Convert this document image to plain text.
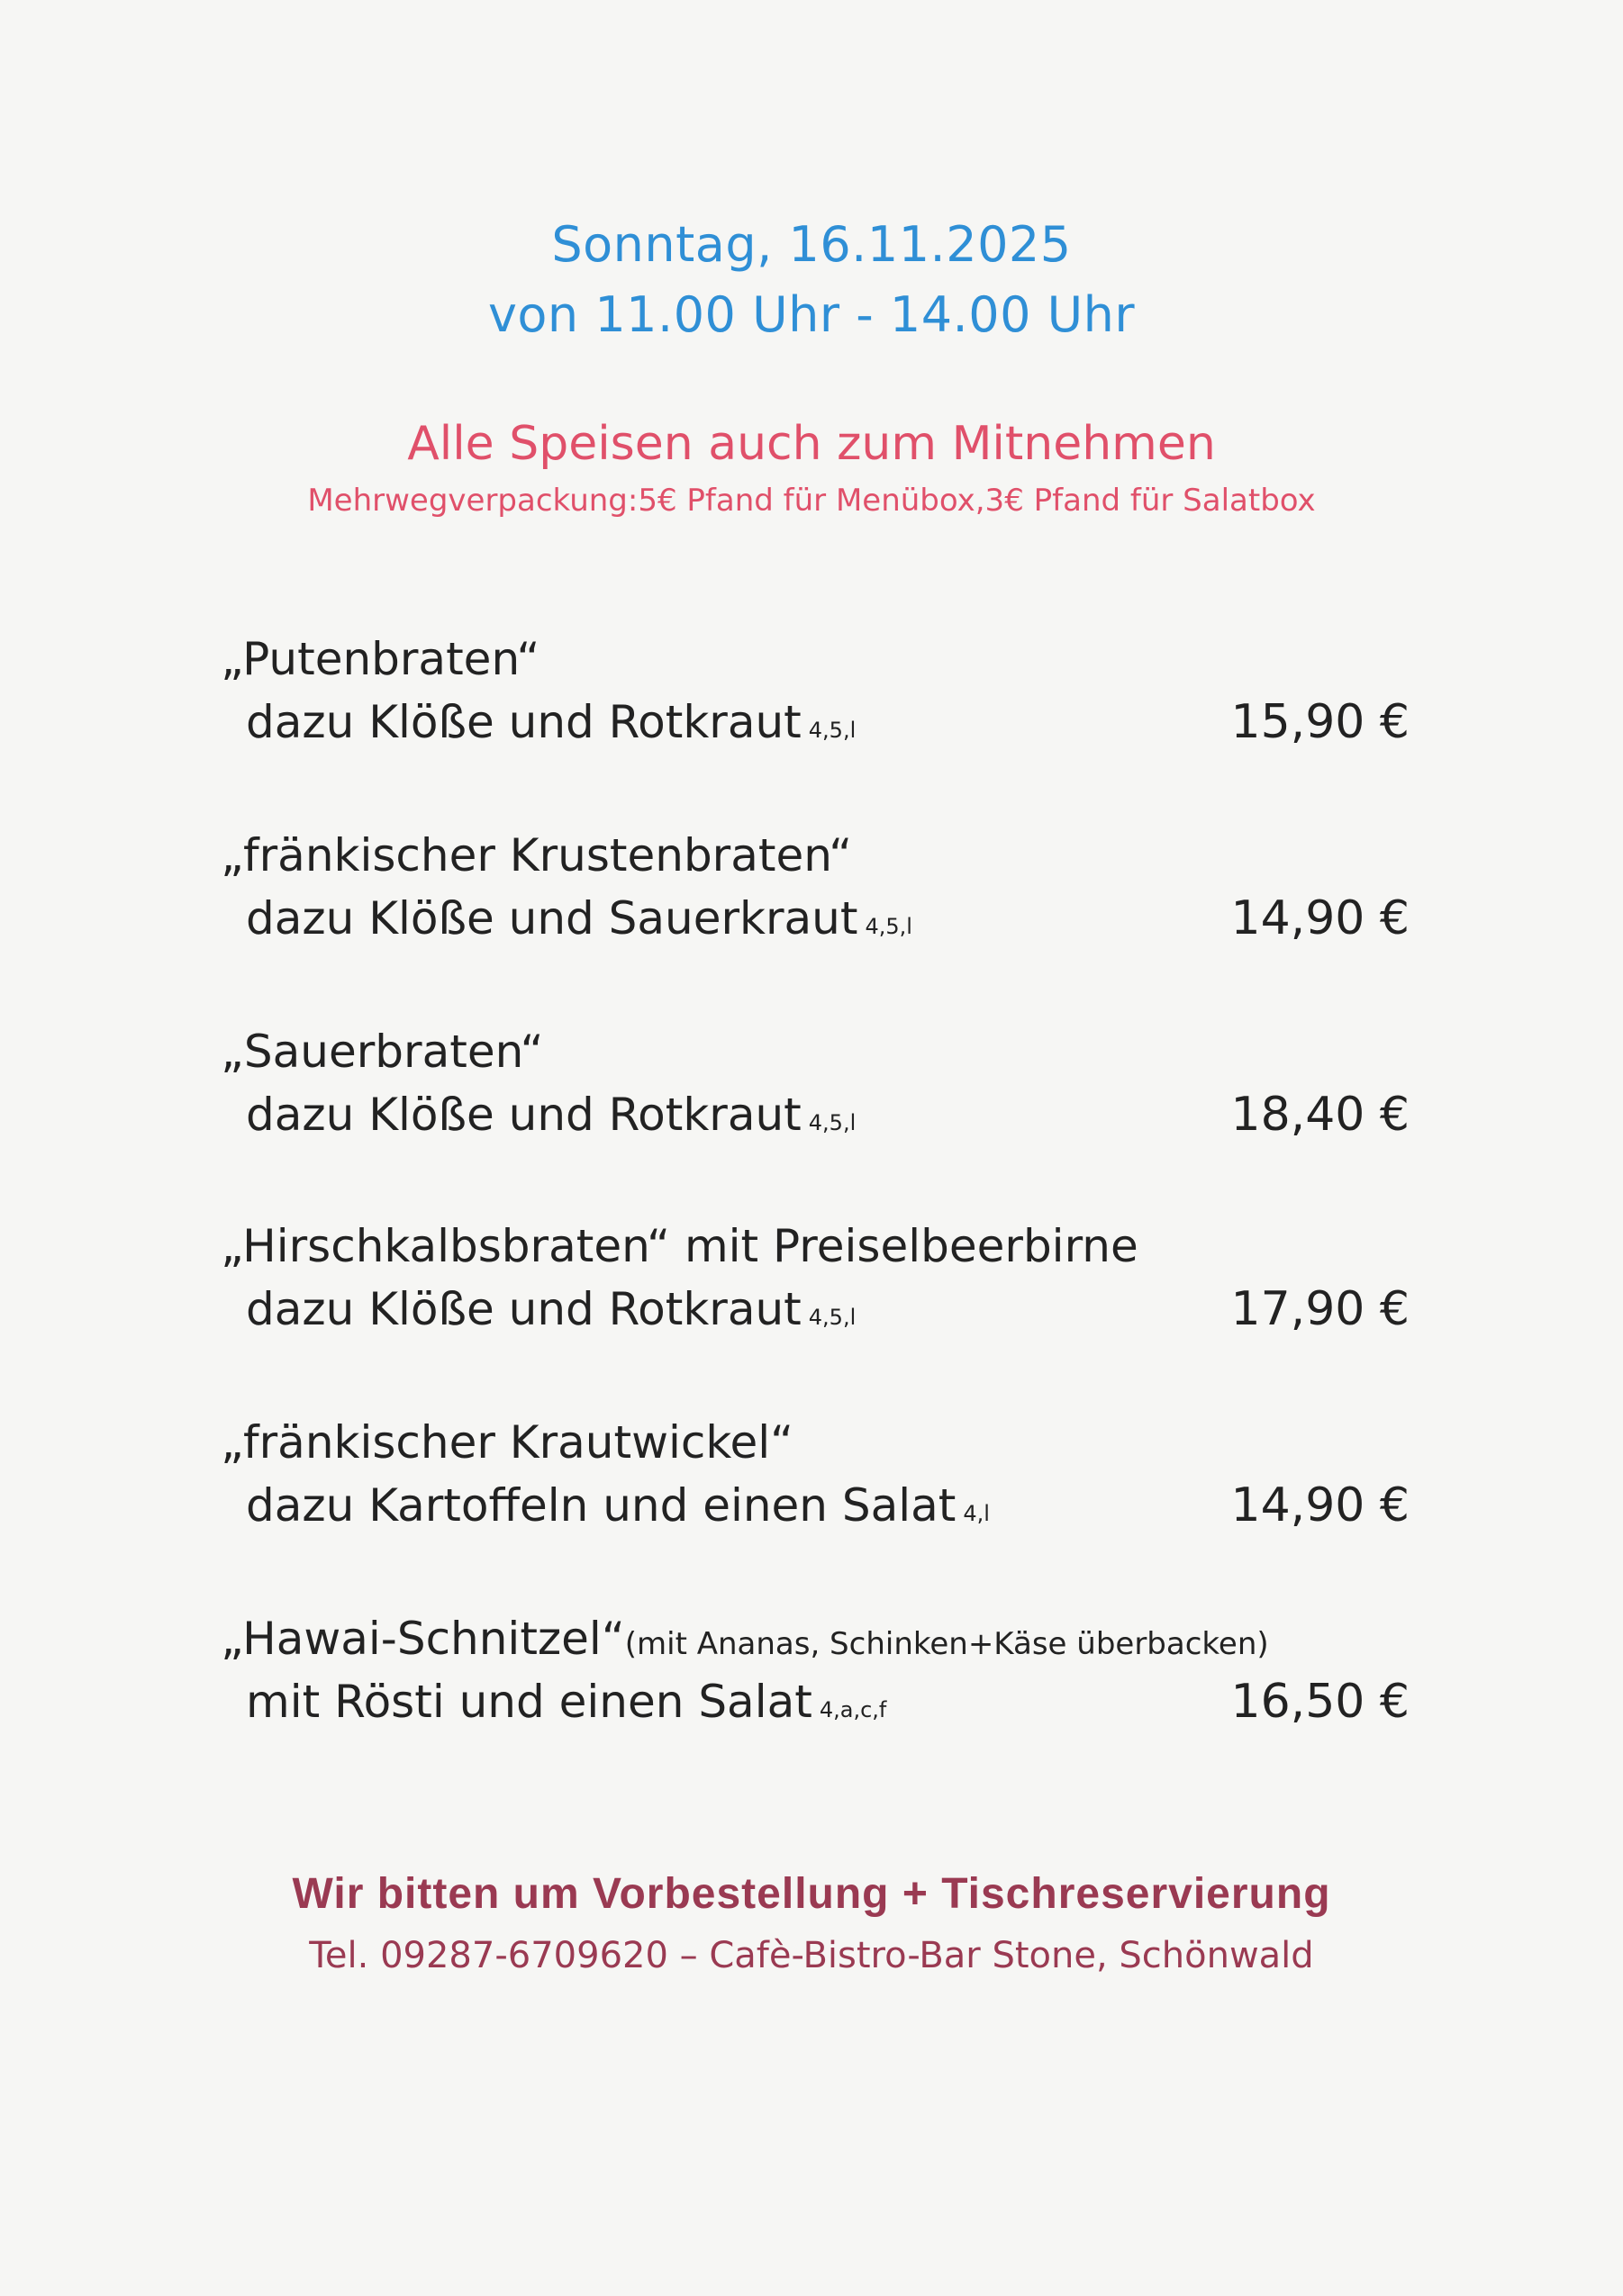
Sonntag, 16.11.2025
von 11.00 Uhr - 14.00 Uhr
Alle Speisen auch zum Mitnehmen
Mehrwegverpackung:5€ Pfand für Menübox,3€ Pfand für Salatbox
„Putenbraten“
dazu Klöße und Rotkraut 4,5,l	15,90 €
„fränkischer Krustenbraten“
dazu Klöße und Sauerkraut 4,5,l	14,90 €
„Sauerbraten“
dazu Klöße und Rotkraut 4,5,l	18,40 €
„Hirschkalbsbraten“ mit Preiselbeerbirne
dazu Klöße und Rotkraut 4,5,l	17,90 €
„fränkischer Krautwickel“
dazu Kartoffeln und einen Salat 4,l	14,90 €
„Hawai-Schnitzel“(mit Ananas, Schinken+Käse überbacken)
mit Rösti und einen Salat 4,a,c,f	16,50 €
Wir bitten um Vorbestellung + Tischreservierung
Tel. 09287-6709620 – Cafè-Bistro-Bar Stone, Schönwald
